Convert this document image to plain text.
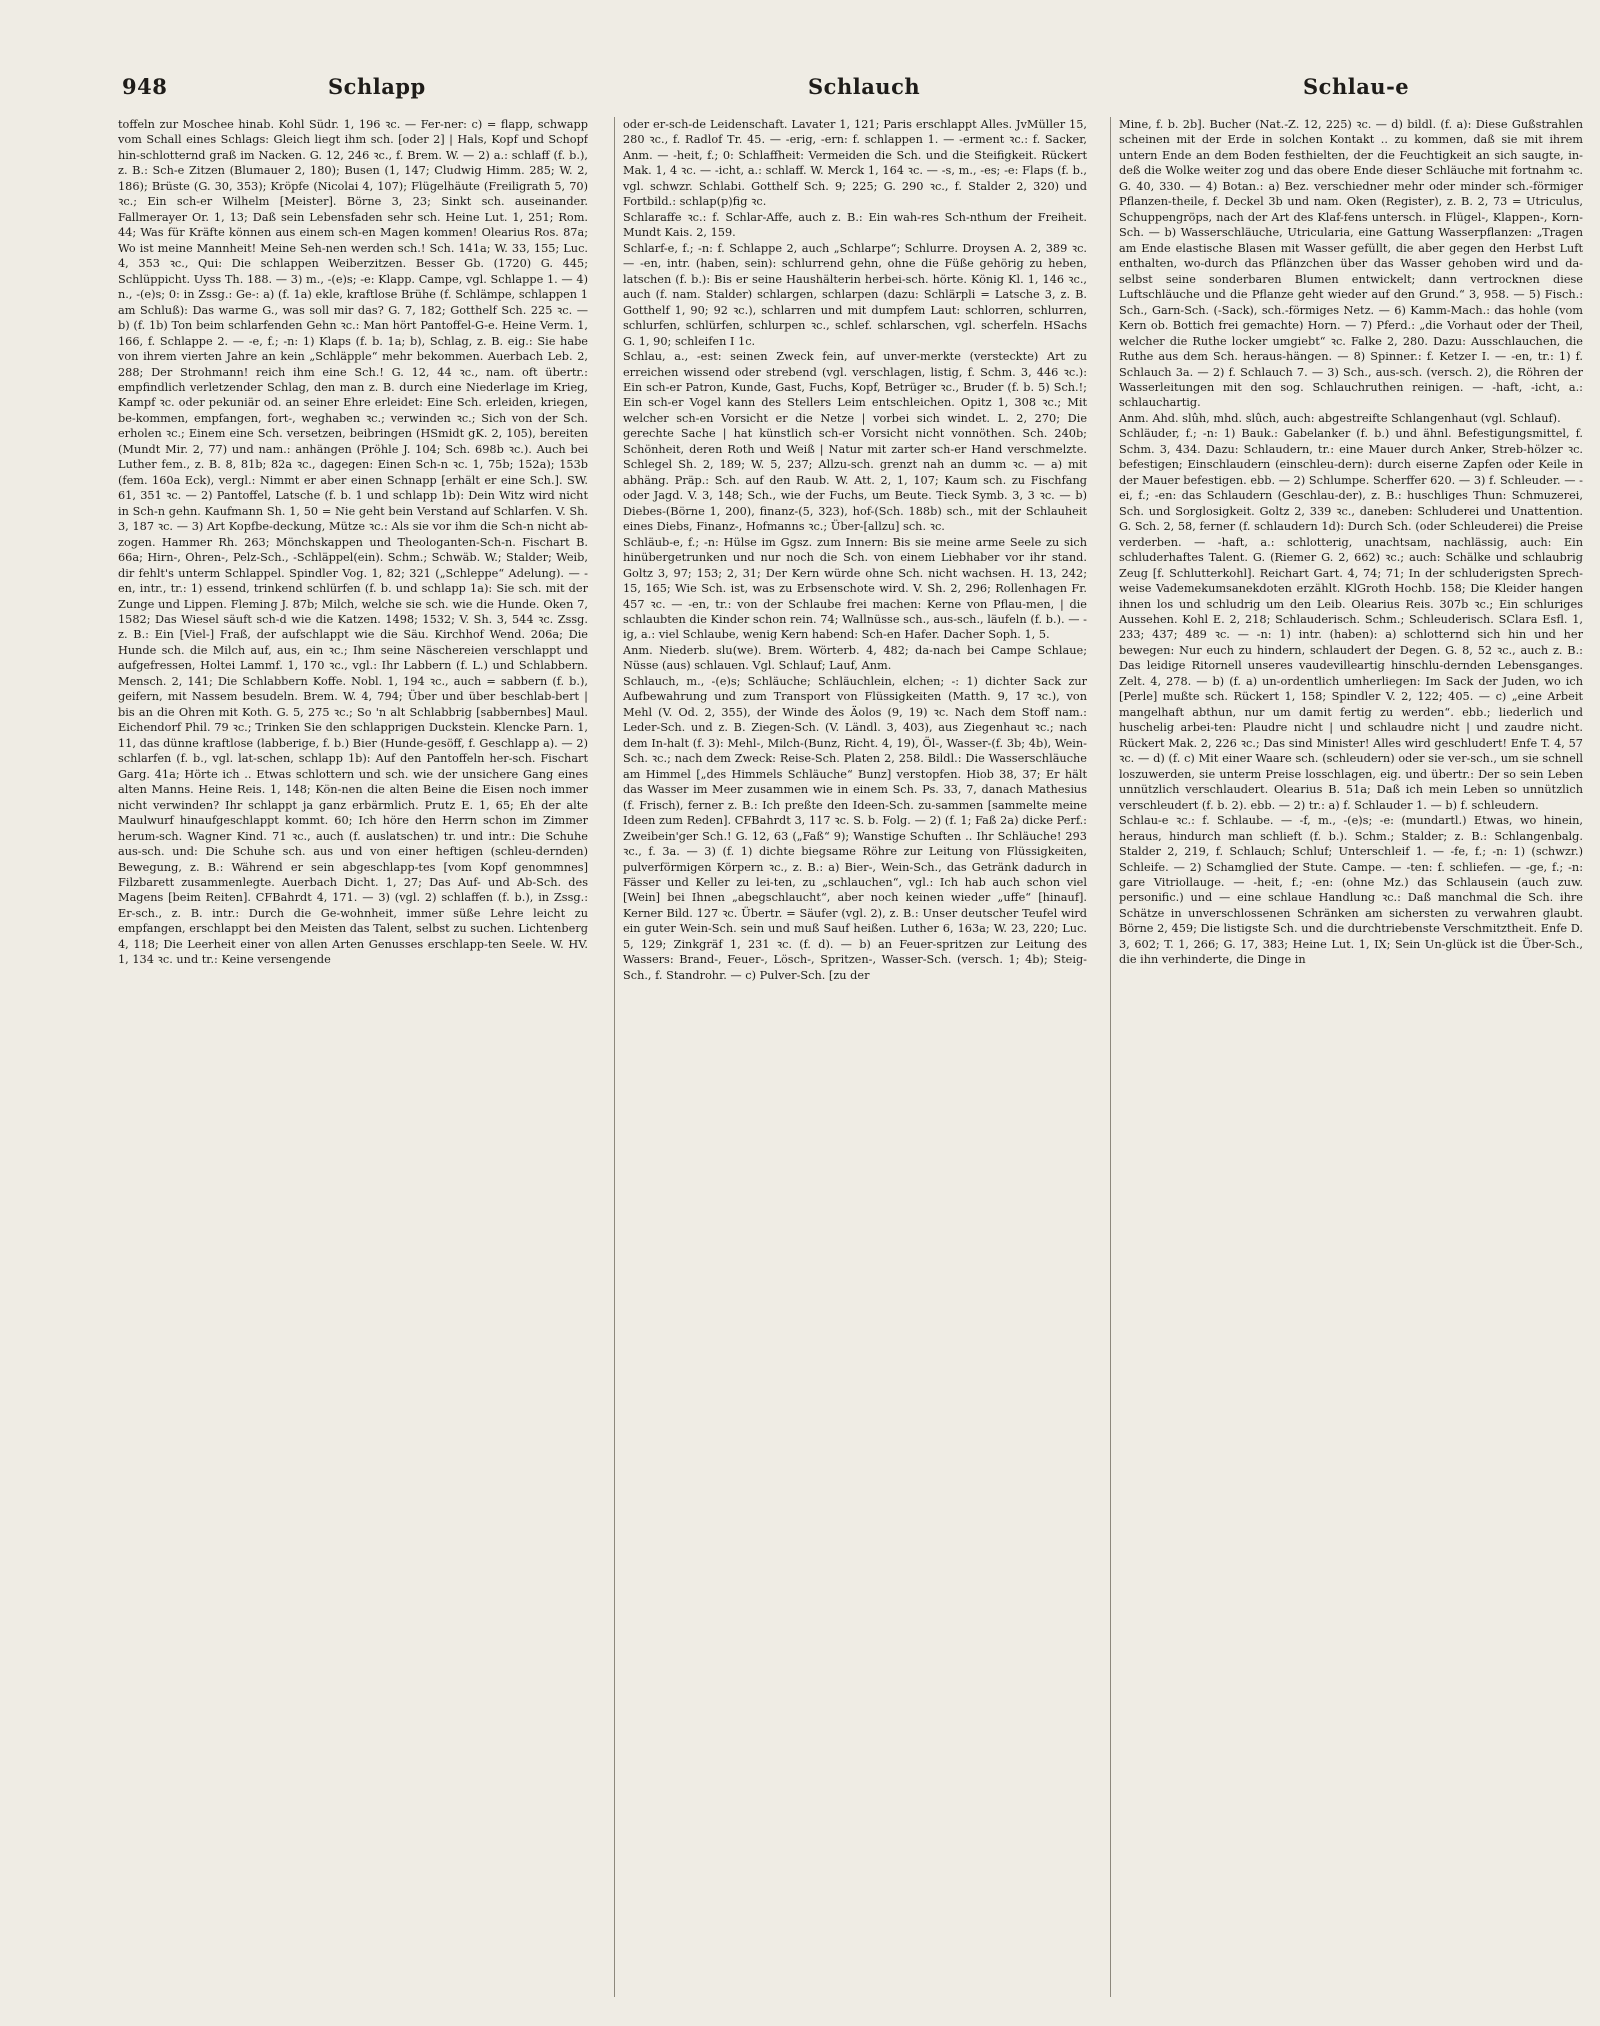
948	Schlapp	Schlauch	Schlau-e

toffeln zur Moschee hinab. Kohl Südr. 1, 196 ꝛc. — Fer-ner: c) = flapp, schwapp vom Schall eines Schlags: Gleich liegt ihm sch. [oder 2] | Hals, Kopf und Schopf hin-schlotternd graß im Nacken. G. 12, 246 ꝛc., f. Brem. W. — 2) a.: schlaff (f. b.), z. B.: Sch-e Zitzen (Blumauer 2, 180); Busen (1, 147; Cludwig Himm. 285; W. 2, 186); Brüste (G. 30, 353); Kröpfe (Nicolai 4, 107); Flügelhäute (Freiligrath 5, 70) ꝛc.; Ein sch-er Wilhelm [Meister]. Börne 3, 23; Sinkt sch. auseinander. Fallmerayer Or. 1, 13; Daß sein Lebensfaden sehr sch. Heine Lut. 1, 251; Rom. 44; Was für Kräfte können aus einem sch-en Magen kommen! Olearius Ros. 87a; Wo ist meine Mannheit! Meine Seh-nen werden sch.! Sch. 141a; W. 33, 155; Luc. 4, 353 ꝛc., Qui: Die schlappen Weiberzitzen. Besser Gb. (1720) G. 445; Schlüppicht. Uyss Th. 188. — 3) m., -(e)s; -e: Klapp. Campe, vgl. Schlappe 1. — 4) n., -(e)s; 0: in Zssg.: Ge-: a) (f. 1a) ekle, kraftlose Brühe (f. Schlämpe, schlappen 1 am Schluß): Das warme G., was soll mir das? G. 7, 182; Gotthelf Sch. 225 ꝛc. — b) (f. 1b) Ton beim schlarfenden Gehn ꝛc.: Man hört Pantoffel-G-e. Heine Verm. 1, 166, f. Schlappe 2. — -e, f.; -n: 1) Klaps (f. b. 1a; b), Schlag, z. B. eig.: Sie habe von ihrem vierten Jahre an kein „Schläpple“ mehr bekommen. Auerbach Leb. 2, 288; Der Strohmann! reich ihm eine Sch.! G. 12, 44 ꝛc., nam. oft übertr.: empfindlich verletzender Schlag, den man z. B. durch eine Niederlage im Krieg, Kampf ꝛc. oder pekuniär od. an seiner Ehre erleidet: Eine Sch. erleiden, kriegen, be-kommen, empfangen, fort-, weghaben ꝛc.; verwinden ꝛc.; Sich von der Sch. erholen ꝛc.; Einem eine Sch. versetzen, beibringen (HSmidt gK. 2, 105), bereiten (Mundt Mir. 2, 77) und nam.: anhängen (Pröhle J. 104; Sch. 698b ꝛc.). Auch bei Luther fem., z. B. 8, 81b; 82a ꝛc., dagegen: Einen Sch-n ꝛc. 1, 75b; 152a); 153b (fem. 160a Eck), vergl.: Nimmt er aber einen Schnapp [erhält er eine Sch.]. SW. 61, 351 ꝛc. — 2) Pantoffel, Latsche (f. b. 1 und schlapp 1b): Dein Witz wird nicht in Sch-n gehn. Kaufmann Sh. 1, 50 = Nie geht bein Verstand auf Schlarfen. V. Sh. 3, 187 ꝛc. — 3) Art Kopfbe-deckung, Mütze ꝛc.: Als sie vor ihm die Sch-n nicht ab-zogen. Hammer Rh. 263; Mönchskappen und Theologanten-Sch-n. Fischart B. 66a; Hirn-, Ohren-, Pelz-Sch., -Schläppel(ein). Schm.; Schwäb. W.; Stalder; Weib, dir fehlt's unterm Schlappel. Spindler Vog. 1, 82; 321 („Schleppe“ Adelung). — -en, intr., tr.: 1) essend, trinkend schlürfen (f. b. und schlapp 1a): Sie sch. mit der Zunge und Lippen. Fleming J. 87b; Milch, welche sie sch. wie die Hunde. Oken 7, 1582; Das Wiesel säuft sch-d wie die Katzen. 1498; 1532; V. Sh. 3, 544 ꝛc. Zssg. z. B.: Ein [Viel-] Fraß, der aufschlappt wie die Säu. Kirchhof Wend. 206a; Die Hunde sch. die Milch auf, aus, ein ꝛc.; Ihm seine Näschereien verschlappt und aufgefressen, Holtei Lammf. 1, 170 ꝛc., vgl.: Ihr Labbern (f. L.) und Schlabbern. Mensch. 2, 141; Die Schlabbern Koffe. Nobl. 1, 194 ꝛc., auch = sabbern (f. b.), geifern, mit Nassem besudeln. Brem. W. 4, 794; Über und über beschlab-bert | bis an die Ohren mit Koth. G. 5, 275 ꝛc.; So 'n alt Schlabbrig [sabbernbes] Maul. Eichendorf Phil. 79 ꝛc.; Trinken Sie den schlapprigen Duckstein. Klencke Parn. 1, 11, das dünne kraftlose (labberige, f. b.) Bier (Hunde-gesöff, f. Geschlapp a). — 2) schlarfen (f. b., vgl. lat-schen, schlapp 1b): Auf den Pantoffeln her-sch. Fischart Garg. 41a; Hörte ich .. Etwas schlottern und sch. wie der unsichere Gang eines alten Manns. Heine Reis. 1, 148; Kön-nen die alten Beine die Eisen noch immer nicht verwinden? Ihr schlappt ja ganz erbärmlich. Prutz E. 1, 65; Eh der alte Maulwurf hinaufgeschlappt kommt. 60; Ich höre den Herrn schon im Zimmer herum-sch. Wagner Kind. 71 ꝛc., auch (f. auslatschen) tr. und intr.: Die Schuhe aus-sch. und: Die Schuhe sch. aus und von einer heftigen (schleu-dernden) Bewegung, z. B.: Während er sein abgeschlapp-tes [vom Kopf genommnes] Filzbarett zusammenlegte. Auerbach Dicht. 1, 27; Das Auf- und Ab-Sch. des Magens [beim Reiten]. CFBahrdt 4, 171. — 3) (vgl. 2) schlaffen (f. b.), in Zssg.: Er-sch., z. B. intr.: Durch die Ge-wohnheit, immer süße Lehre leicht zu empfangen, erschlappt bei den Meisten das Talent, selbst zu suchen. Lichtenberg 4, 118; Die Leerheit einer von allen Arten Genusses erschlapp-ten Seele. W. HV. 1, 134 ꝛc. und tr.: Keine versengende

oder er-sch-de Leidenschaft. Lavater 1, 121; Paris erschlappt Alles. JvMüller 15, 280 ꝛc., f. Radlof Tr. 45. — -erig, -ern: f. schlappen 1. — -erment ꝛc.: f. Sacker, Anm. — -heit, f.; 0: Schlaffheit: Vermeiden die Sch. und die Steifigkeit. Rückert Mak. 1, 4 ꝛc. — -icht, a.: schlaff. W. Merck 1, 164 ꝛc. — -s, m., -es; -e: Flaps (f. b., vgl. schwzr. Schlabi. Gotthelf Sch. 9; 225; G. 290 ꝛc., f. Stalder 2, 320) und Fortbild.: schlap(p)fig ꝛc.

Schlaraffe ꝛc.: f. Schlar-Affe, auch z. B.: Ein wah-res Sch-nthum der Freiheit. Mundt Kais. 2, 159.

Schlarf-e, f.; -n: f. Schlappe 2, auch „Schlarpe“; Schlurre. Droysen A. 2, 389 ꝛc. — -en, intr. (haben, sein): schlurrend gehn, ohne die Füße gehörig zu heben, latschen (f. b.): Bis er seine Haushälterin herbei-sch. hörte. König Kl. 1, 146 ꝛc., auch (f. nam. Stalder) schlargen, schlarpen (dazu: Schlärpli = Latsche 3, z. B. Gotthelf 1, 90; 92 ꝛc.), schlarren und mit dumpfem Laut: schlorren, schlurren, schlurfen, schlürfen, schlurpen ꝛc., schlef. schlarschen, vgl. scherfeln. HSachs G. 1, 90; schleifen I 1c.

Schlau, a., -est: seinen Zweck fein, auf unver-merkte (versteckte) Art zu erreichen wissend oder strebend (vgl. verschlagen, listig, f. Schm. 3, 446 ꝛc.): Ein sch-er Patron, Kunde, Gast, Fuchs, Kopf, Betrüger ꝛc., Bruder (f. b. 5) Sch.!; Ein sch-er Vogel kann des Stellers Leim entschleichen. Opitz 1, 308 ꝛc.; Mit welcher sch-en Vorsicht er die Netze | vorbei sich windet. L. 2, 270; Die gerechte Sache | hat künstlich sch-er Vorsicht nicht vonnöthen. Sch. 240b; Schönheit, deren Roth und Weiß | Natur mit zarter sch-er Hand verschmelzte. Schlegel Sh. 2, 189; W. 5, 237; Allzu-sch. grenzt nah an dumm ꝛc. — a) mit abhäng. Präp.: Sch. auf den Raub. W. Att. 2, 1, 107; Kaum sch. zu Fischfang oder Jagd. V. 3, 148; Sch., wie der Fuchs, um Beute. Tieck Symb. 3, 3 ꝛc. — b) Diebes-(Börne 1, 200), finanz-(5, 323), hof-(Sch. 188b) sch., mit der Schlauheit eines Diebs, Finanz-, Hofmanns ꝛc.; Über-[allzu] sch. ꝛc.

Schläub-e, f.; -n: Hülse im Ggsz. zum Innern: Bis sie meine arme Seele zu sich hinübergetrunken und nur noch die Sch. von einem Liebhaber vor ihr stand. Goltz 3, 97; 153; 2, 31; Der Kern würde ohne Sch. nicht wachsen. H. 13, 242; 15, 165; Wie Sch. ist, was zu Erbsenschote wird. V. Sh. 2, 296; Rollenhagen Fr. 457 ꝛc. — -en, tr.: von der Schlaube frei machen: Kerne von Pflau-men, | die schlaubten die Kinder schon rein. 74; Wallnüsse sch., aus-sch., läufeln (f. b.). — -ig, a.: viel Schlaube, wenig Kern habend: Sch-en Hafer. Dacher Soph. 1, 5.

Anm. Niederb. slu(we). Brem. Wörterb. 4, 482; da-nach bei Campe Schlaue; Nüsse (aus) schlauen. Vgl. Schlauf; Lauf, Anm.

Schlauch, m., -(e)s; Schläuche; Schläuchlein, elchen; -: 1) dichter Sack zur Aufbewahrung und zum Transport von Flüssigkeiten (Matth. 9, 17 ꝛc.), von Mehl (V. Od. 2, 355), der Winde des Äolos (9, 19) ꝛc. Nach dem Stoff nam.: Leder-Sch. und z. B. Ziegen-Sch. (V. Ländl. 3, 403), aus Ziegenhaut ꝛc.; nach dem In-halt (f. 3): Mehl-, Milch-(Bunz, Richt. 4, 19), Öl-, Wasser-(f. 3b; 4b), Wein-Sch. ꝛc.; nach dem Zweck: Reise-Sch. Platen 2, 258. Bildl.: Die Wasserschläuche am Himmel [„des Himmels Schläuche“ Bunz] verstopfen. Hiob 38, 37; Er hält das Wasser im Meer zusammen wie in einem Sch. Ps. 33, 7, danach Mathesius (f. Frisch), ferner z. B.: Ich preßte den Ideen-Sch. zu-sammen [sammelte meine Ideen zum Reden]. CFBahrdt 3, 117 ꝛc. S. b. Folg. — 2) (f. 1; Faß 2a) dicke Perf.: Zweibein'ger Sch.! G. 12, 63 („Faß“ 9); Wanstige Schuften .. Ihr Schläuche! 293 ꝛc., f. 3a. — 3) (f. 1) dichte biegsame Röhre zur Leitung von Flüssigkeiten, pulverförmigen Körpern ꝛc., z. B.: a) Bier-, Wein-Sch., das Getränk dadurch in Fässer und Keller zu lei-ten, zu „schlauchen“, vgl.: Ich hab auch schon viel [Wein] bei Ihnen „abegschlaucht“, aber noch keinen wieder „uffe“ [hinauf]. Kerner Bild. 127 ꝛc. Übertr. = Säufer (vgl. 2), z. B.: Unser deutscher Teufel wird ein guter Wein-Sch. sein und muß Sauf heißen. Luther 6, 163a; W. 23, 220; Luc. 5, 129; Zinkgräf 1, 231 ꝛc. (f. d). — b) an Feuer-spritzen zur Leitung des Wassers: Brand-, Feuer-, Lösch-, Spritzen-, Wasser-Sch. (versch. 1; 4b); Steig-Sch., f. Standrohr. — c) Pulver-Sch. [zu der

Mine, f. b. 2b]. Bucher (Nat.-Z. 12, 225) ꝛc. — d) bildl. (f. a): Diese Gußstrahlen scheinen mit der Erde in solchen Kontakt .. zu kommen, daß sie mit ihrem untern Ende an dem Boden festhielten, der die Feuchtigkeit an sich saugte, in-deß die Wolke weiter zog und das obere Ende dieser Schläuche mit fortnahm ꝛc. G. 40, 330. — 4) Botan.: a) Bez. verschiedner mehr oder minder sch.-förmiger Pflanzen-theile, f. Deckel 3b und nam. Oken (Register), z. B. 2, 73 = Utriculus, Schuppengröps, nach der Art des Klaf-fens untersch. in Flügel-, Klappen-, Korn-Sch. — b) Wasserschläuche, Utricularia, eine Gattung Wasserpflanzen: „Tragen am Ende elastische Blasen mit Wasser gefüllt, die aber gegen den Herbst Luft enthalten, wo-durch das Pflänzchen über das Wasser gehoben wird und da-selbst seine sonderbaren Blumen entwickelt; dann vertrocknen diese Luftschläuche und die Pflanze geht wieder auf den Grund.“ 3, 958. — 5) Fisch.: Sch., Garn-Sch. (-Sack), sch.-förmiges Netz. — 6) Kamm-Mach.: das hohle (vom Kern ob. Bottich frei gemachte) Horn. — 7) Pferd.: „die Vorhaut oder der Theil, welcher die Ruthe locker umgiebt“ ꝛc. Falke 2, 280. Dazu: Ausschlauchen, die Ruthe aus dem Sch. heraus-hängen. — 8) Spinner.: f. Ketzer I. — -en, tr.: 1) f. Schlauch 3a. — 2) f. Schlauch 7. — 3) Sch., aus-sch. (versch. 2), die Röhren der Wasserleitungen mit den sog. Schlauchruthen reinigen. — -haft, -icht, a.: schlauchartig.

Anm. Ahd. slûh, mhd. slûch, auch: abgestreifte Schlangenhaut (vgl. Schlauf).

Schläuder, f.; -n: 1) Bauk.: Gabelanker (f. b.) und ähnl. Befestigungsmittel, f. Schm. 3, 434. Dazu: Schlaudern, tr.: eine Mauer durch Anker, Streb-hölzer ꝛc. befestigen; Einschlaudern (einschleu-dern): durch eiserne Zapfen oder Keile in der Mauer befestigen. ebb. — 2) Schlumpe. Scherffer 620. — 3) f. Schleuder. — -ei, f.; -en: das Schlaudern (Geschlau-der), z. B.: huschliges Thun: Schmuzerei, Sch. und Sorglosigkeit. Goltz 2, 339 ꝛc., daneben: Schluderei und Unattention. G. Sch. 2, 58, ferner (f. schlaudern 1d): Durch Sch. (oder Schleuderei) die Preise verderben. — -haft, a.: schlotterig, unachtsam, nachlässig, auch: Ein schluderhaftes Talent. G. (Riemer G. 2, 662) ꝛc.; auch: Schälke und schlaubrig Zeug [f. Schlutterkohl]. Reichart Gart. 4, 74; 71; In der schluderigsten Sprech-weise Vademekumsanekdoten erzählt. KlGroth Hochb. 158; Die Kleider hangen ihnen los und schludrig um den Leib. Olearius Reis. 307b ꝛc.; Ein schluriges Aussehen. Kohl E. 2, 218; Schlauderisch. Schm.; Schleuderisch. SClara Esfl. 1, 233; 437; 489 ꝛc. — -n: 1) intr. (haben): a) schlotternd sich hin und her bewegen: Nur euch zu hindern, schlaudert der Degen. G. 8, 52 ꝛc., auch z. B.: Das leidige Ritornell unseres vaudevilleartig hinschlu-dernden Lebensganges. Zelt. 4, 278. — b) (f. a) un-ordentlich umherliegen: Im Sack der Juden, wo ich [Perle] mußte sch. Rückert 1, 158; Spindler V. 2, 122; 405. — c) „eine Arbeit mangelhaft abthun, nur um damit fertig zu werden“. ebb.; liederlich und huschelig arbei-ten: Plaudre nicht | und schlaudre nicht | und zaudre nicht. Rückert Mak. 2, 226 ꝛc.; Das sind Minister! Alles wird geschludert! Enfe T. 4, 57 ꝛc. — d) (f. c) Mit einer Waare sch. (schleudern) oder sie ver-sch., um sie schnell loszuwerden, sie unterm Preise losschlagen, eig. und übertr.: Der so sein Leben unnützlich verschlaudert. Olearius B. 51a; Daß ich mein Leben so unnützlich verschleudert (f. b. 2). ebb. — 2) tr.: a) f. Schlauder 1. — b) f. schleudern.

Schlau-e ꝛc.: f. Schlaube. — -f, m., -(e)s; -e: (mundartl.) Etwas, wo hinein, heraus, hindurch man schlieft (f. b.). Schm.; Stalder; z. B.: Schlangenbalg. Stalder 2, 219, f. Schlauch; Schluf; Unterschleif 1. — -fe, f.; -n: 1) (schwzr.) Schleife. — 2) Schamglied der Stute. Campe. — -ten: f. schliefen. — -ge, f.; -n: gare Vitriollauge. — -heit, f.; -en: (ohne Mz.) das Schlausein (auch zuw. personific.) und — eine schlaue Handlung ꝛc.: Daß manchmal die Sch. ihre Schätze in unverschlossenen Schränken am sichersten zu verwahren glaubt. Börne 2, 459; Die listigste Sch. und die durchtriebenste Verschmitztheit. Enfe D. 3, 602; T. 1, 266; G. 17, 383; Heine Lut. 1, IX; Sein Un-glück ist die Über-Sch., die ihn verhinderte, die Dinge in
